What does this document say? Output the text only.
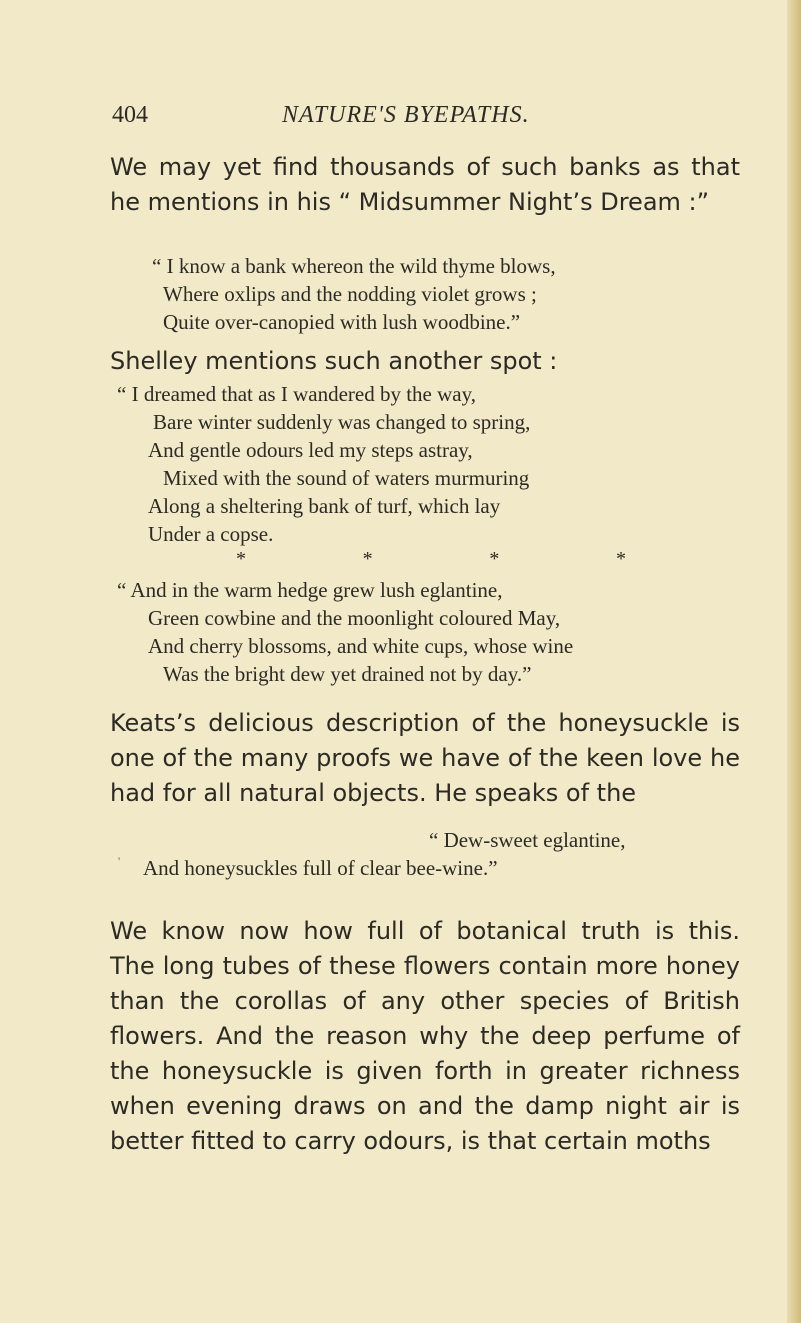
404	NATURE'S BYEPATHS.

We may yet find thousands of such banks as that
he mentions in his “ Midsummer Night’s Dream :”

“ I know a bank whereon the wild thyme blows,
Where oxlips and the nodding violet grows ;
Quite over-canopied with lush woodbine.”

Shelley mentions such another spot :

“ I dreamed that as I wandered by the way,
Bare winter suddenly was changed to spring,
And gentle odours led my steps astray,
Mixed with the sound of waters murmuring
Along a sheltering bank of turf, which lay
Under a copse.
*	*	*	*
“ And in the warm hedge grew lush eglantine,
Green cowbine and the moonlight coloured May,
And cherry blossoms, and white cups, whose wine
Was the bright dew yet drained not by day.”

Keats’s delicious description of the honeysuckle is
one of the many proofs we have of the keen love he
had for all natural objects. He speaks of the

“ Dew-sweet eglantine,
And honeysuckles full of clear bee-wine.”
'

We know now how full of botanical truth is this.
The long tubes of these flowers contain more honey
than the corollas of any other species of British
flowers. And the reason why the deep perfume of
the honeysuckle is given forth in greater richness
when evening draws on and the damp night air is
better fitted to carry odours, is that certain moths
